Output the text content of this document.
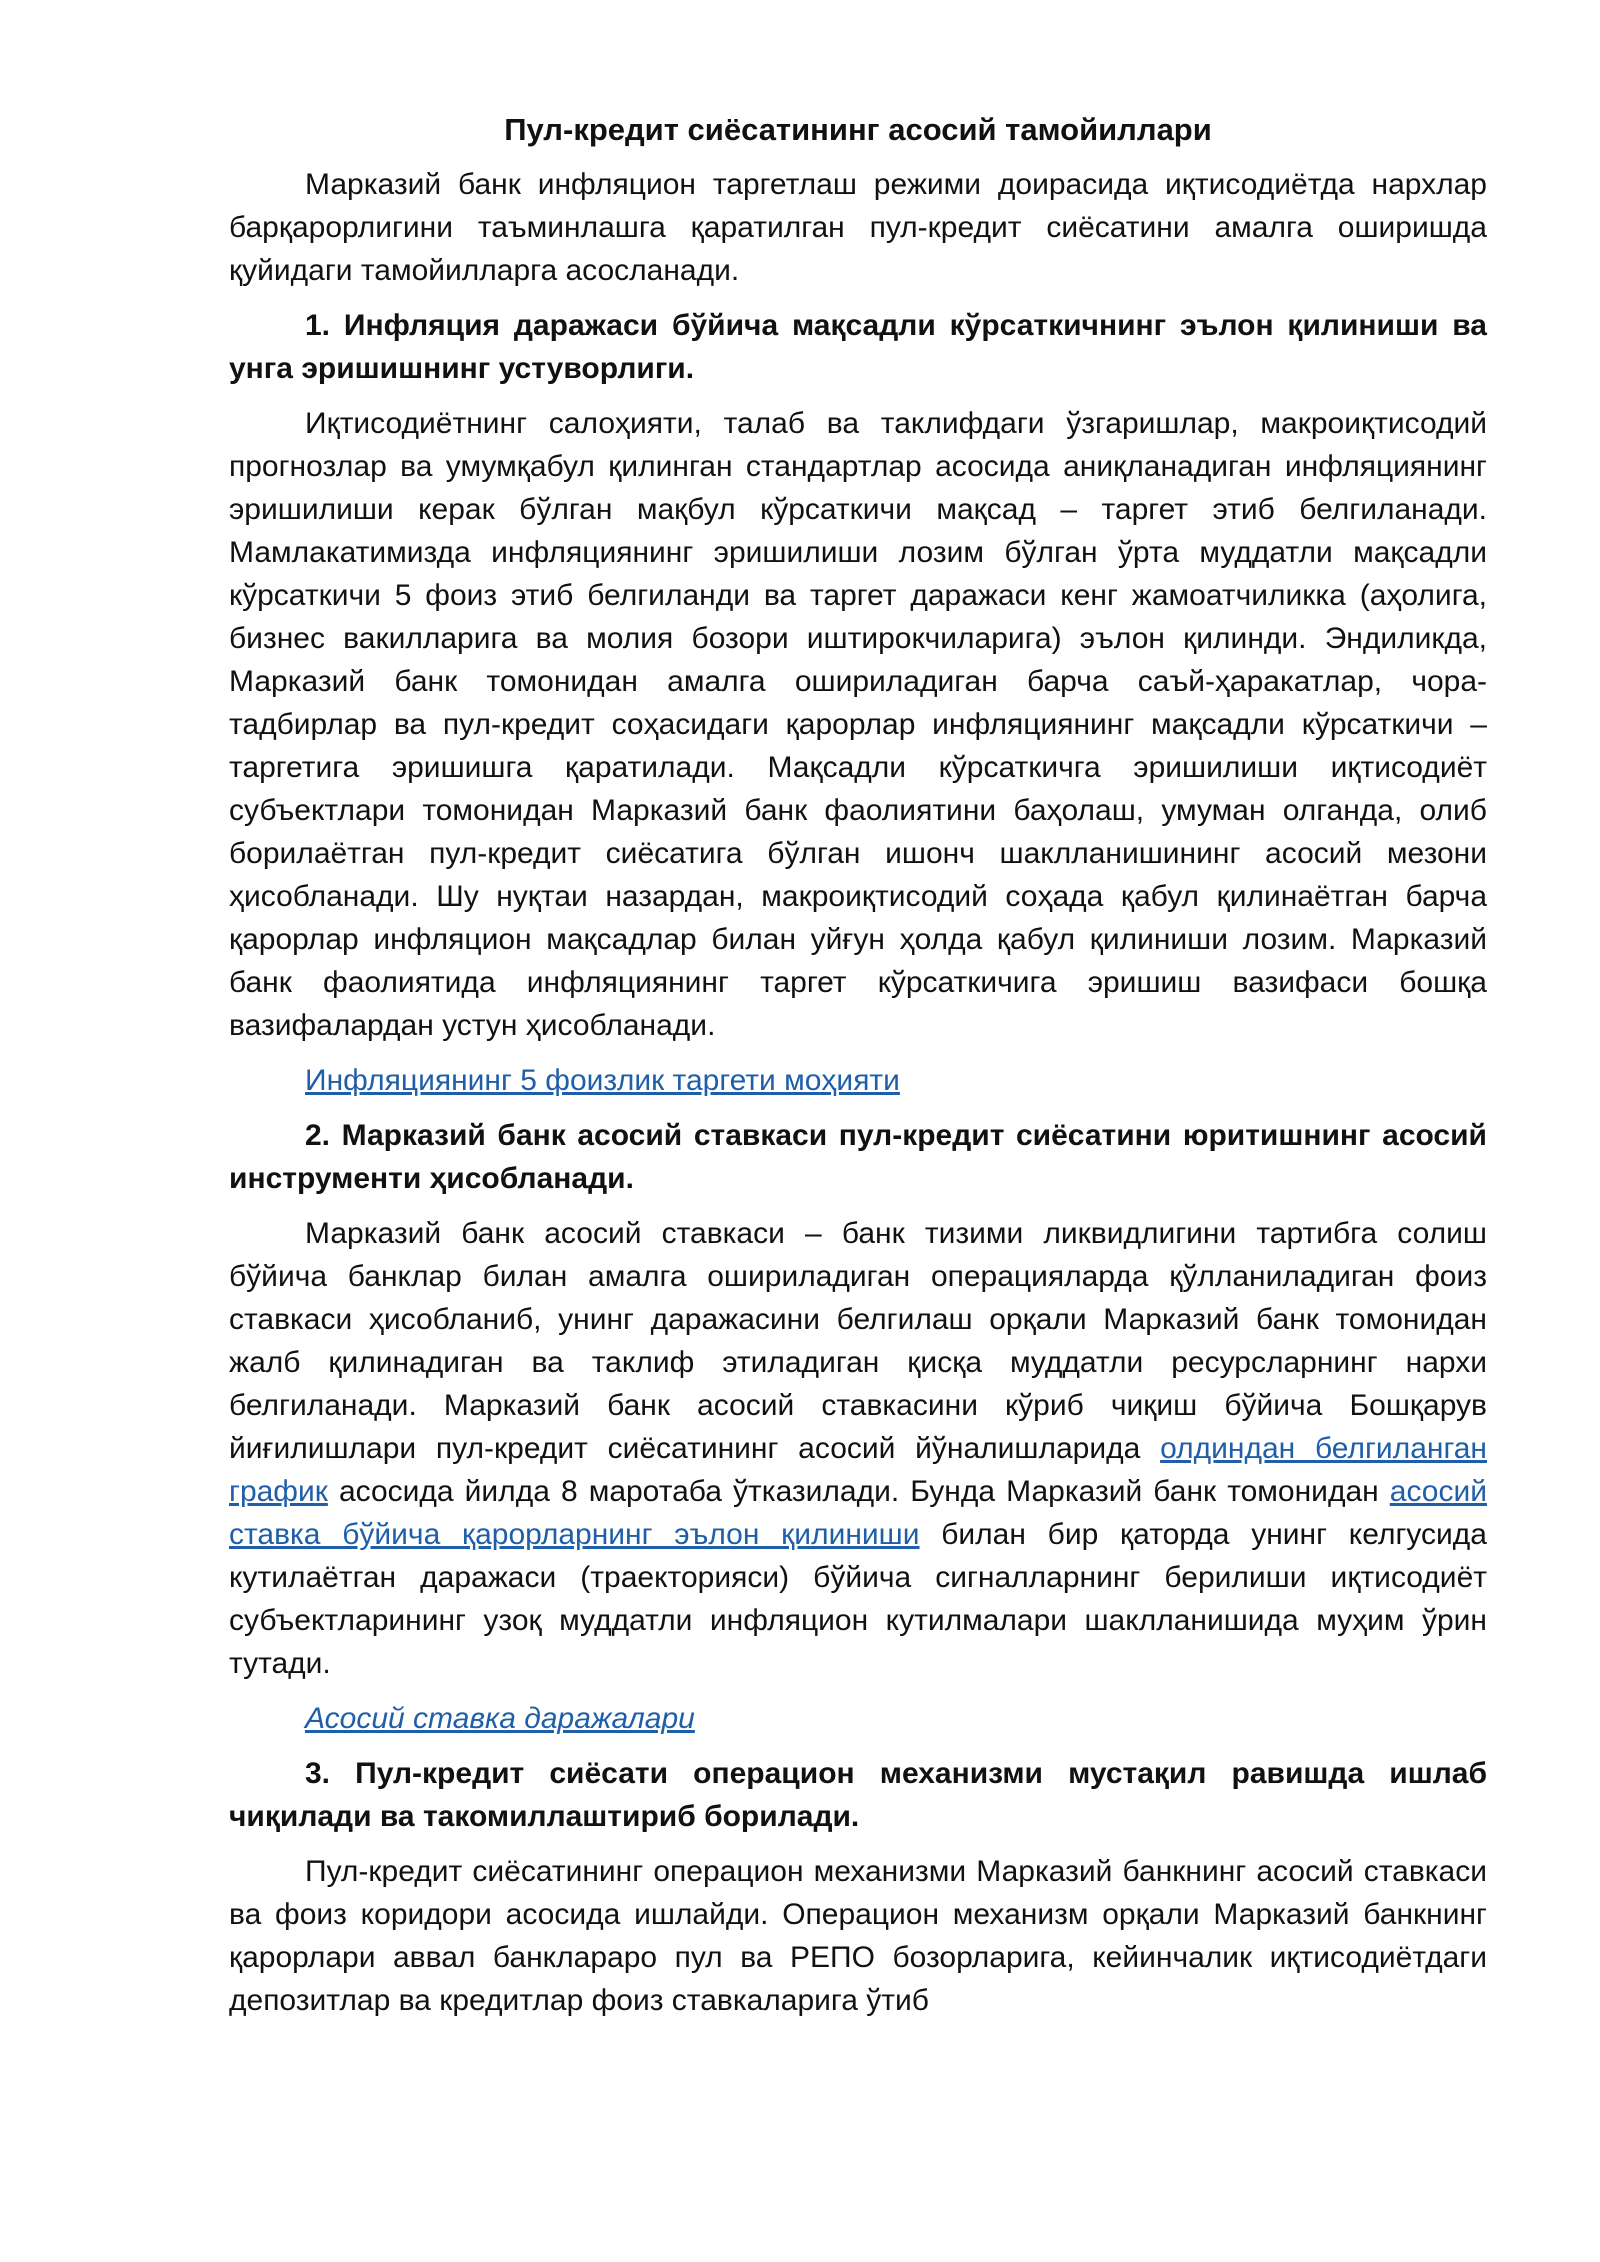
Пул-кредит сиёсатининг асосий тамойиллари

Марказий банк инфляцион таргетлаш режими доирасида иқтисодиётда нархлар барқарорлигини таъминлашга қаратилган пул-кредит сиёсатини амалга оширишда қуйидаги тамойилларга асосланади.

1. Инфляция даражаси бўйича мақсадли кўрсаткичнинг эълон қилиниши ва унга эришишнинг устуворлиги.

Иқтисодиётнинг салоҳияти, талаб ва таклифдаги ўзгаришлар, макроиқтисодий прогнозлар ва умумқабул қилинган стандартлар асосида аниқланадиган инфляциянинг эришилиши керак бўлган мақбул кўрсаткичи мақсад – таргет этиб белгиланади. Мамлакатимизда инфляциянинг эришилиши лозим бўлган ўрта муддатли мақсадли кўрсаткичи 5 фоиз этиб белгиланди ва таргет даражаси кенг жамоатчиликка (аҳолига, бизнес вакилларига ва молия бозори иштирокчиларига) эълон қилинди. Эндиликда, Марказий банк томонидан амалга ошириладиган барча саъй-ҳаракатлар, чора-тадбирлар ва пул-кредит соҳасидаги қарорлар инфляциянинг мақсадли кўрсаткичи – таргетига эришишга қаратилади. Мақсадли кўрсаткичга эришилиши иқтисодиёт субъектлари томонидан Марказий банк фаолиятини баҳолаш, умуман олганда, олиб борилаётган пул-кредит сиёсатига бўлган ишонч шаклланишининг асосий мезони ҳисобланади. Шу нуқтаи назардан, макроиқтисодий соҳада қабул қилинаётган барча қарорлар инфляцион мақсадлар билан уйғун ҳолда қабул қилиниши лозим. Марказий банк фаолиятида инфляциянинг таргет кўрсаткичига эришиш вазифаси бошқа вазифалардан устун ҳисобланади.

Инфляциянинг 5 фоизлик таргети моҳияти

2. Марказий банк асосий ставкаси пул-кредит сиёсатини юритишнинг асосий инструменти ҳисобланади.

Марказий банк асосий ставкаси – банк тизими ликвидлигини тартибга солиш бўйича банклар билан амалга ошириладиган операцияларда қўлланиладиган фоиз ставкаси ҳисобланиб, унинг даражасини белгилаш орқали Марказий банк томонидан жалб қилинадиган ва таклиф этиладиган қисқа муддатли ресурсларнинг нархи белгиланади. Марказий банк асосий ставкасини кўриб чиқиш бўйича Бошқарув йиғилишлари пул-кредит сиёсатининг асосий йўналишларида олдиндан белгиланган график асосида йилда 8 маротаба ўтказилади. Бунда Марказий банк томонидан асосий ставка бўйича қарорларнинг эълон қилиниши билан бир қаторда унинг келгусида кутилаётган даражаси (траекторияси) бўйича сигналларнинг берилиши иқтисодиёт субъектларининг узоқ муддатли инфляцион кутилмалари шаклланишида муҳим ўрин тутади.

Асосий ставка даражалари

3. Пул-кредит сиёсати операцион механизми мустақил равишда ишлаб чиқилади ва такомиллаштириб борилади.

Пул-кредит сиёсатининг операцион механизми Марказий банкнинг асосий ставкаси ва фоиз коридори асосида ишлайди. Операцион механизм орқали Марказий банкнинг қарорлари аввал банклараро пул ва РЕПО бозорларига, кейинчалик иқтисодиётдаги депозитлар ва кредитлар фоиз ставкаларига ўтиб
